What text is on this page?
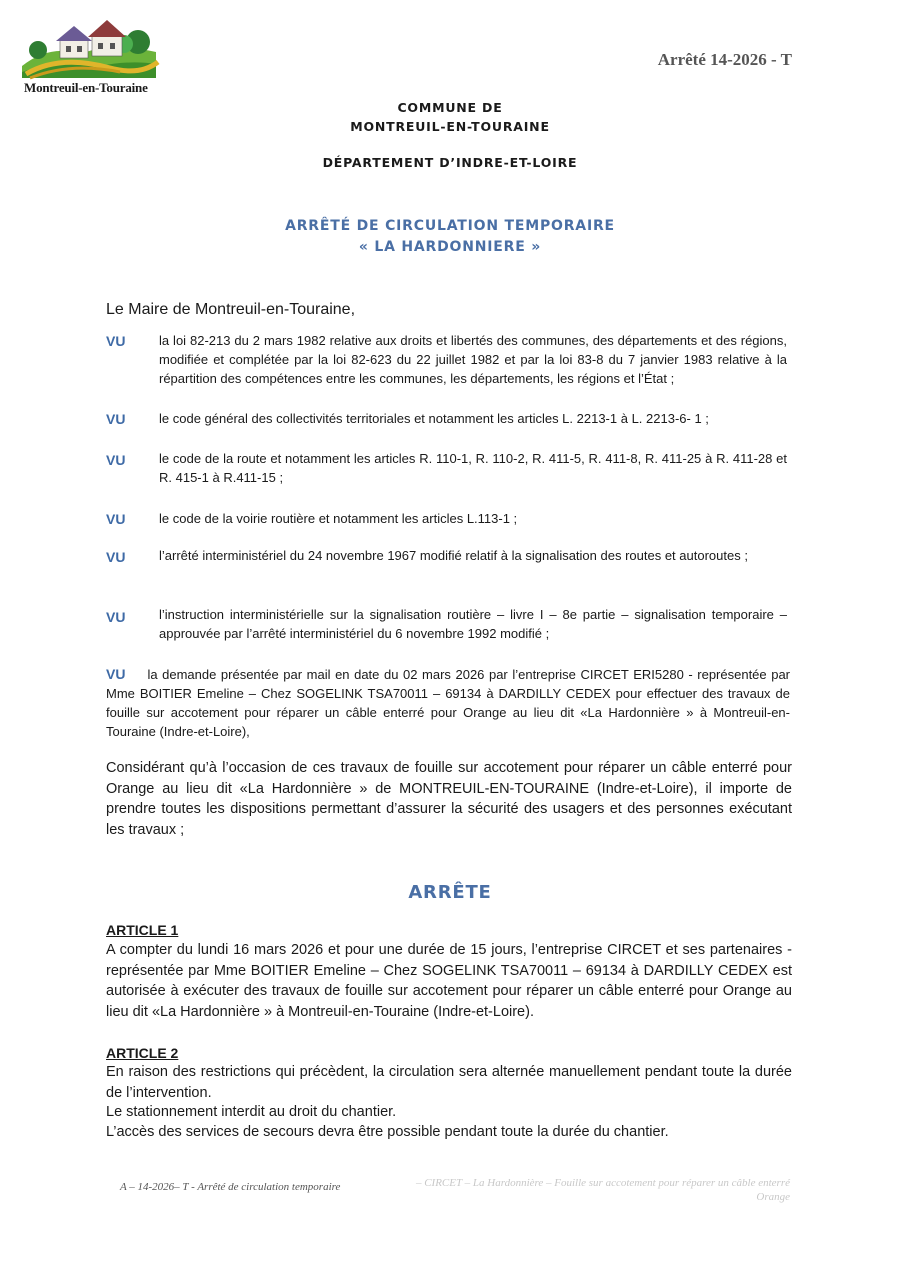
Montreuil-en-Touraine
Arrêté 14-2026 - T
COMMUNE DE
MONTREUIL-EN-TOURAINE
DÉPARTEMENT D’INDRE-ET-LOIRE
ARRÊTÉ DE CIRCULATION TEMPORAIRE
« LA HARDONNIERE »
Le Maire de Montreuil-en-Touraine,
VU	la loi 82-213 du 2 mars 1982 relative aux droits et libertés des communes, des départements et des régions, modifiée et complétée par la loi 82-623 du 22 juillet 1982 et par la loi 83-8 du 7 janvier 1983 relative à la répartition des compétences entre les communes, les départements, les régions et l’État ;
VU	le code général des collectivités territoriales et notamment les articles L. 2213-1 à L. 2213-6- 1 ;
VU	le code de la route et notamment les articles R. 110-1, R. 110-2, R. 411-5, R. 411-8, R. 411-25 à R. 411-28 et R. 415-1 à R.411-15 ;
VU	le code de la voirie routière et notamment les articles L.113-1 ;
VU	l’arrêté interministériel du 24 novembre 1967 modifié relatif à la signalisation des routes et autoroutes ;
VU	l’instruction interministérielle sur la signalisation routière – livre I – 8e partie – signalisation temporaire – approuvée par l’arrêté interministériel du 6 novembre 1992 modifié ;
VU la demande présentée par mail en date du 02 mars 2026 par l’entreprise CIRCET ERI5280 - représentée par Mme BOITIER Emeline – Chez SOGELINK TSA70011 – 69134 à DARDILLY CEDEX pour effectuer des travaux de fouille sur accotement pour réparer un câble enterré pour Orange au lieu dit «La Hardonnière » à Montreuil-en-Touraine (Indre-et-Loire),
Considérant qu’à l’occasion de ces travaux de fouille sur accotement pour réparer un câble enterré pour Orange au lieu dit «La Hardonnière » de MONTREUIL-EN-TOURAINE (Indre-et-Loire), il importe de prendre toutes les dispositions permettant d’assurer la sécurité des usagers et des personnes exécutant les travaux ;
ARRÊTE
ARTICLE 1
A compter du lundi 16 mars 2026 et pour une durée de 15 jours, l’entreprise CIRCET et ses partenaires - représentée par Mme BOITIER Emeline – Chez SOGELINK TSA70011 – 69134 à DARDILLY CEDEX est autorisée à exécuter des travaux de fouille sur accotement pour réparer un câble enterré pour Orange au lieu dit «La Hardonnière » à Montreuil-en-Touraine (Indre-et-Loire).
ARTICLE 2
En raison des restrictions qui précèdent, la circulation sera alternée manuellement pendant toute la durée de l’intervention.
Le stationnement interdit au droit du chantier.
L’accès des services de secours devra être possible pendant toute la durée du chantier.
A – 14-2026– T - Arrêté de circulation temporaire	– CIRCET – La Hardonnière – Fouille sur accotement pour réparer un câble enterré Orange
